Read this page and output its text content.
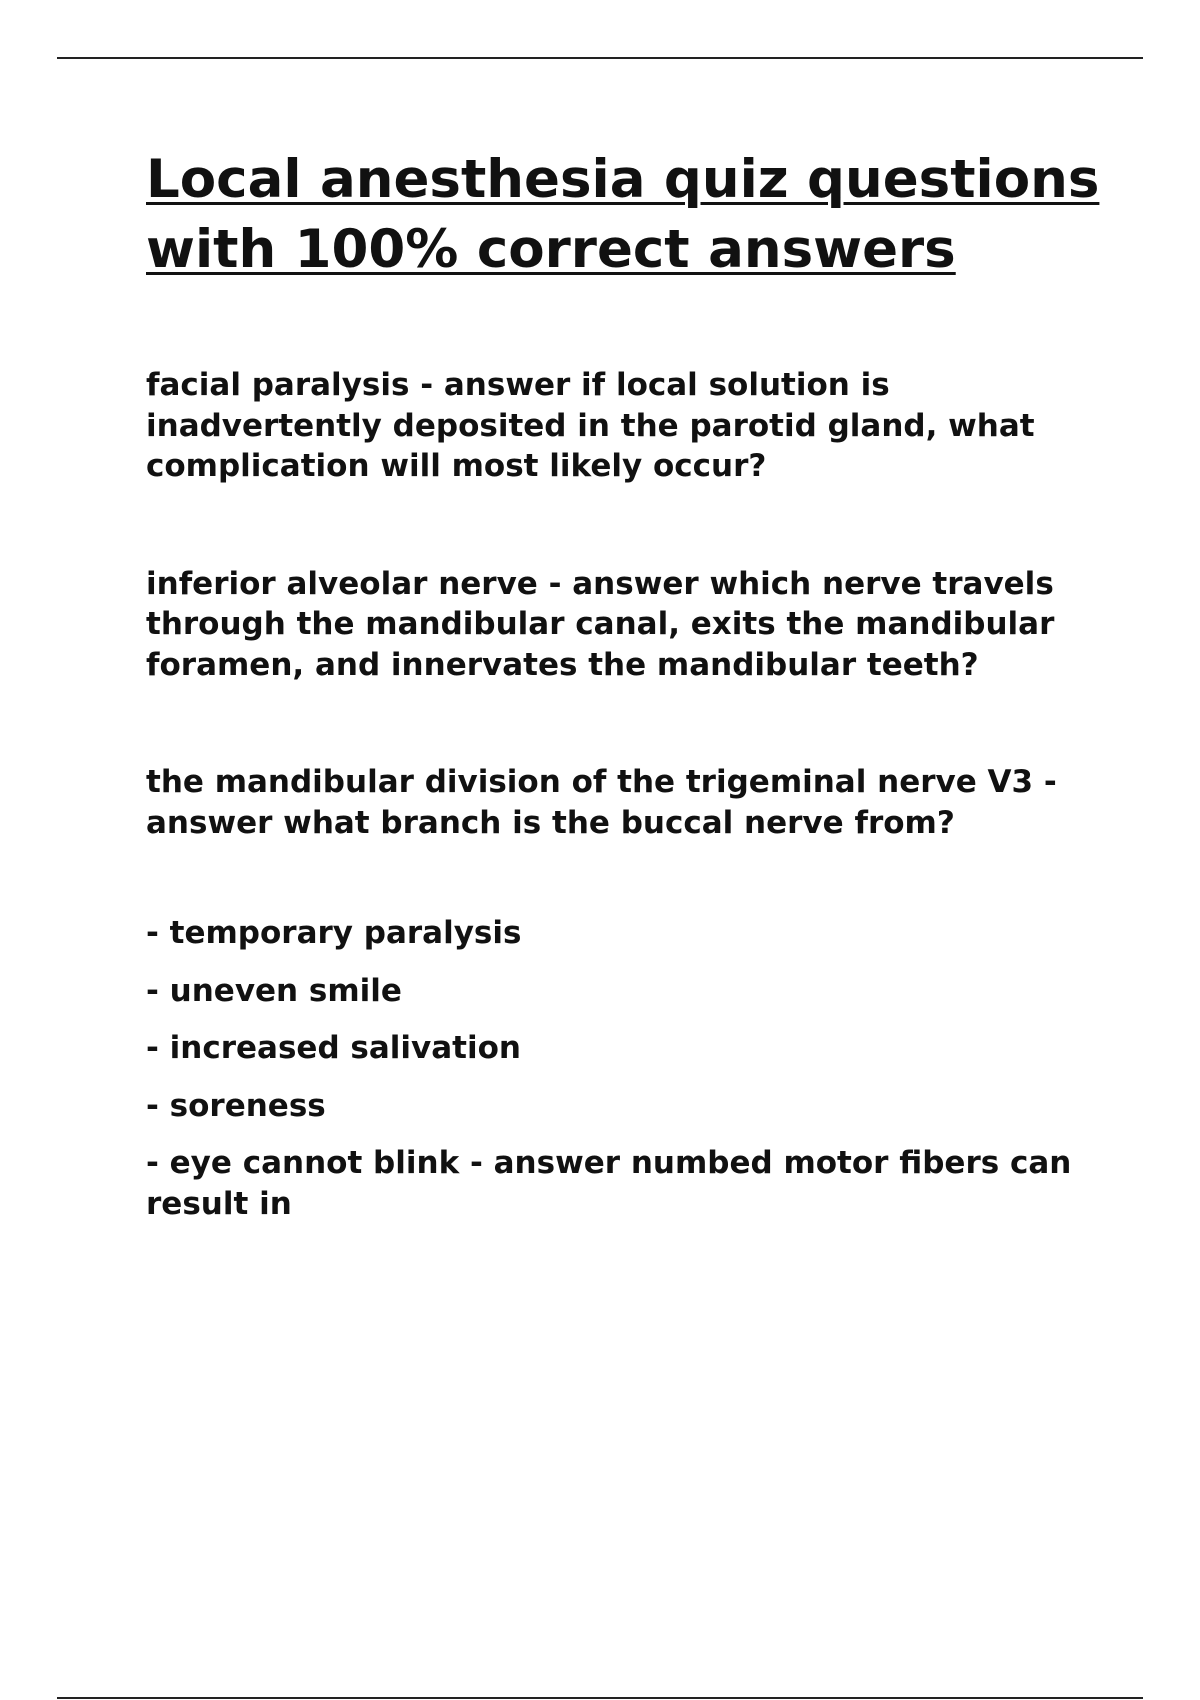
Local anesthesia quiz questions with 100% correct answers

facial paralysis - answer if local solution is inadvertently deposited in the parotid gland, what complication will most likely occur?

inferior alveolar nerve - answer which nerve travels through the mandibular canal, exits the mandibular foramen, and innervates the mandibular teeth?

the mandibular division of the trigeminal nerve V3 - answer what branch is the buccal nerve from?

- temporary paralysis

- uneven smile

- increased salivation

- soreness

- eye cannot blink - answer numbed motor fibers can result in
